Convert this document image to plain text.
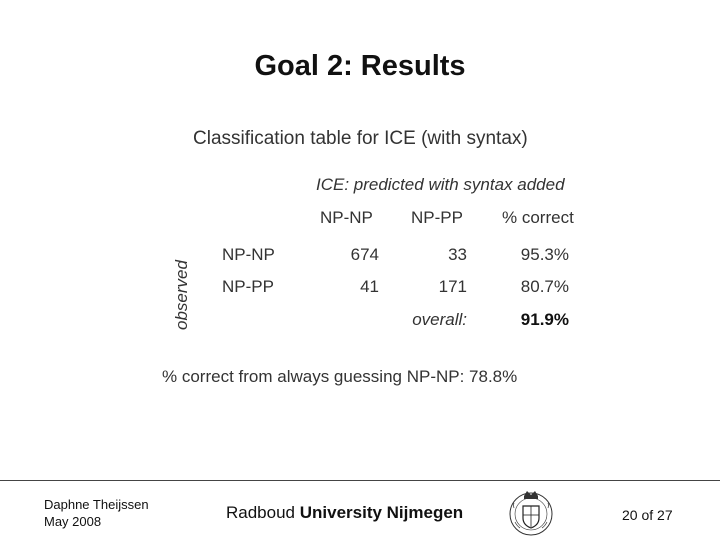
Goal 2: Results
Classification table for ICE (with syntax)
ICE: predicted with syntax added
observed
NP-NP NP-PP % correct
NP-NP	674	33	95.3%
NP-PP	41	171	80.7%
overall:	91.9%
% correct from always guessing NP-NP: 78.8%
Daphne Theijssen
May 2008	Radboud University Nijmegen	20 of 27
